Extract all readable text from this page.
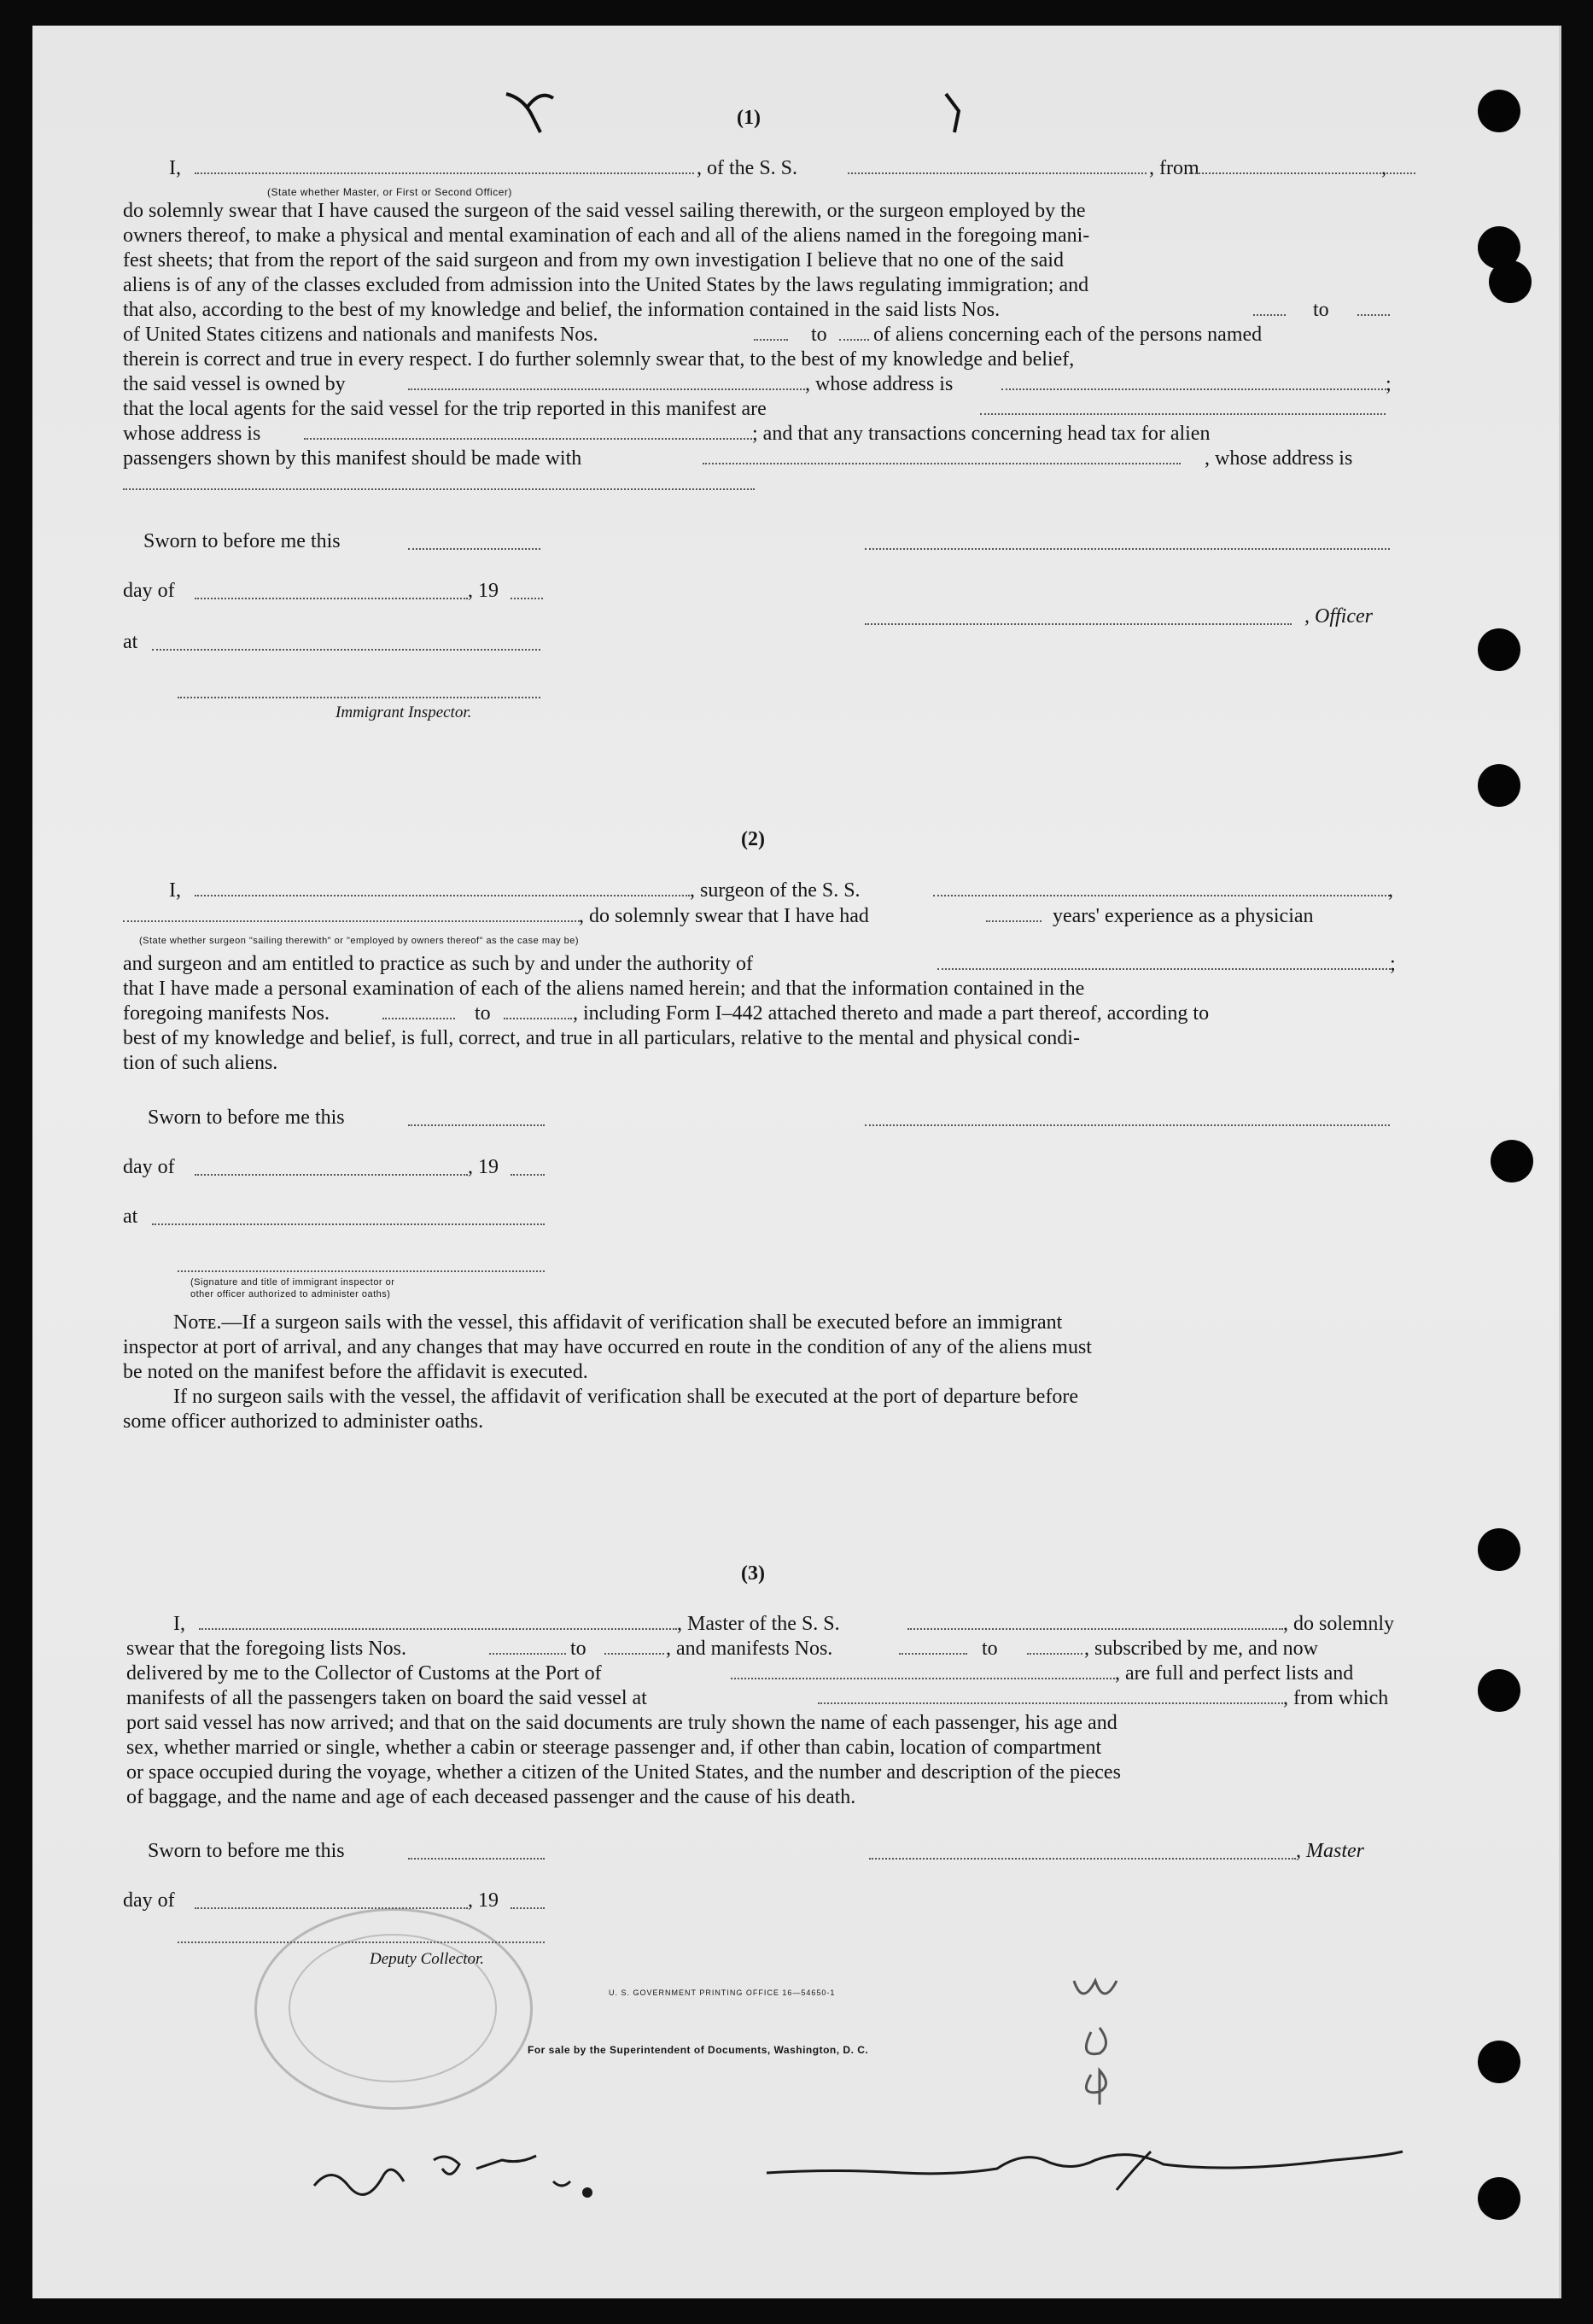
(1)
I,	, of the S. S.	, from	,
(State whether Master, or First or Second Officer)
do solemnly swear that I have caused the surgeon of the said vessel sailing therewith, or the surgeon employed by the
owners thereof, to make a physical and mental examination of each and all of the aliens named in the foregoing mani-
fest sheets; that from the report of the said surgeon and from my own investigation I believe that no one of the said
aliens is of any of the classes excluded from admission into the United States by the laws regulating immigration; and
that also, according to the best of my knowledge and belief, the information contained in the said lists Nos.	to
of United States citizens and nationals and manifests Nos.	to of aliens concerning each of the persons named
therein is correct and true in every respect. I do further solemnly swear that, to the best of my knowledge and belief,
the said vessel is owned by	, whose address is	;
that the local agents for the said vessel for the trip reported in this manifest are
whose address is	; and that any transactions concerning head tax for alien
passengers shown by this manifest should be made with	, whose address is
Sworn to before me this
day of	, 19
, Officer
at
Immigrant Inspector.
(2)
I,	, surgeon of the S. S.	,
, do solemnly swear that I have had	years' experience as a physician
(State whether surgeon "sailing therewith" or "employed by owners thereof" as the case may be)
and surgeon and am entitled to practice as such by and under the authority of	;
that I have made a personal examination of each of the aliens named herein; and that the information contained in the
foregoing manifests Nos.	to	, including Form I–442 attached thereto and made a part thereof, according to
best of my knowledge and belief, is full, correct, and true in all particulars, relative to the mental and physical condi-
tion of such aliens.
Sworn to before me this
day of	, 19
at
(Signature and title of immigrant inspector or
other officer authorized to administer oaths)
Nᴏᴛᴇ.—If a surgeon sails with the vessel, this affidavit of verification shall be executed before an immigrant
inspector at port of arrival, and any changes that may have occurred en route in the condition of any of the aliens must
be noted on the manifest before the affidavit is executed.
If no surgeon sails with the vessel, the affidavit of verification shall be executed at the port of departure before
some officer authorized to administer oaths.
(3)
I,	, Master of the S. S.	, do solemnly
swear that the foregoing lists Nos.	to	, and manifests Nos.	to	, subscribed by me, and now
delivered by me to the Collector of Customs at the Port of	, are full and perfect lists and
manifests of all the passengers taken on board the said vessel at	, from which
port said vessel has now arrived; and that on the said documents are truly shown the name of each passenger, his age and
sex, whether married or single, whether a cabin or steerage passenger and, if other than cabin, location of compartment
or space occupied during the voyage, whether a citizen of the United States, and the number and description of the pieces
of baggage, and the name and age of each deceased passenger and the cause of his death.
Sworn to before me this	, Master
day of	, 19
Deputy Collector.
U. S. GOVERNMENT PRINTING OFFICE 16—54650-1
For sale by the Superintendent of Documents, Washington, D. C.
